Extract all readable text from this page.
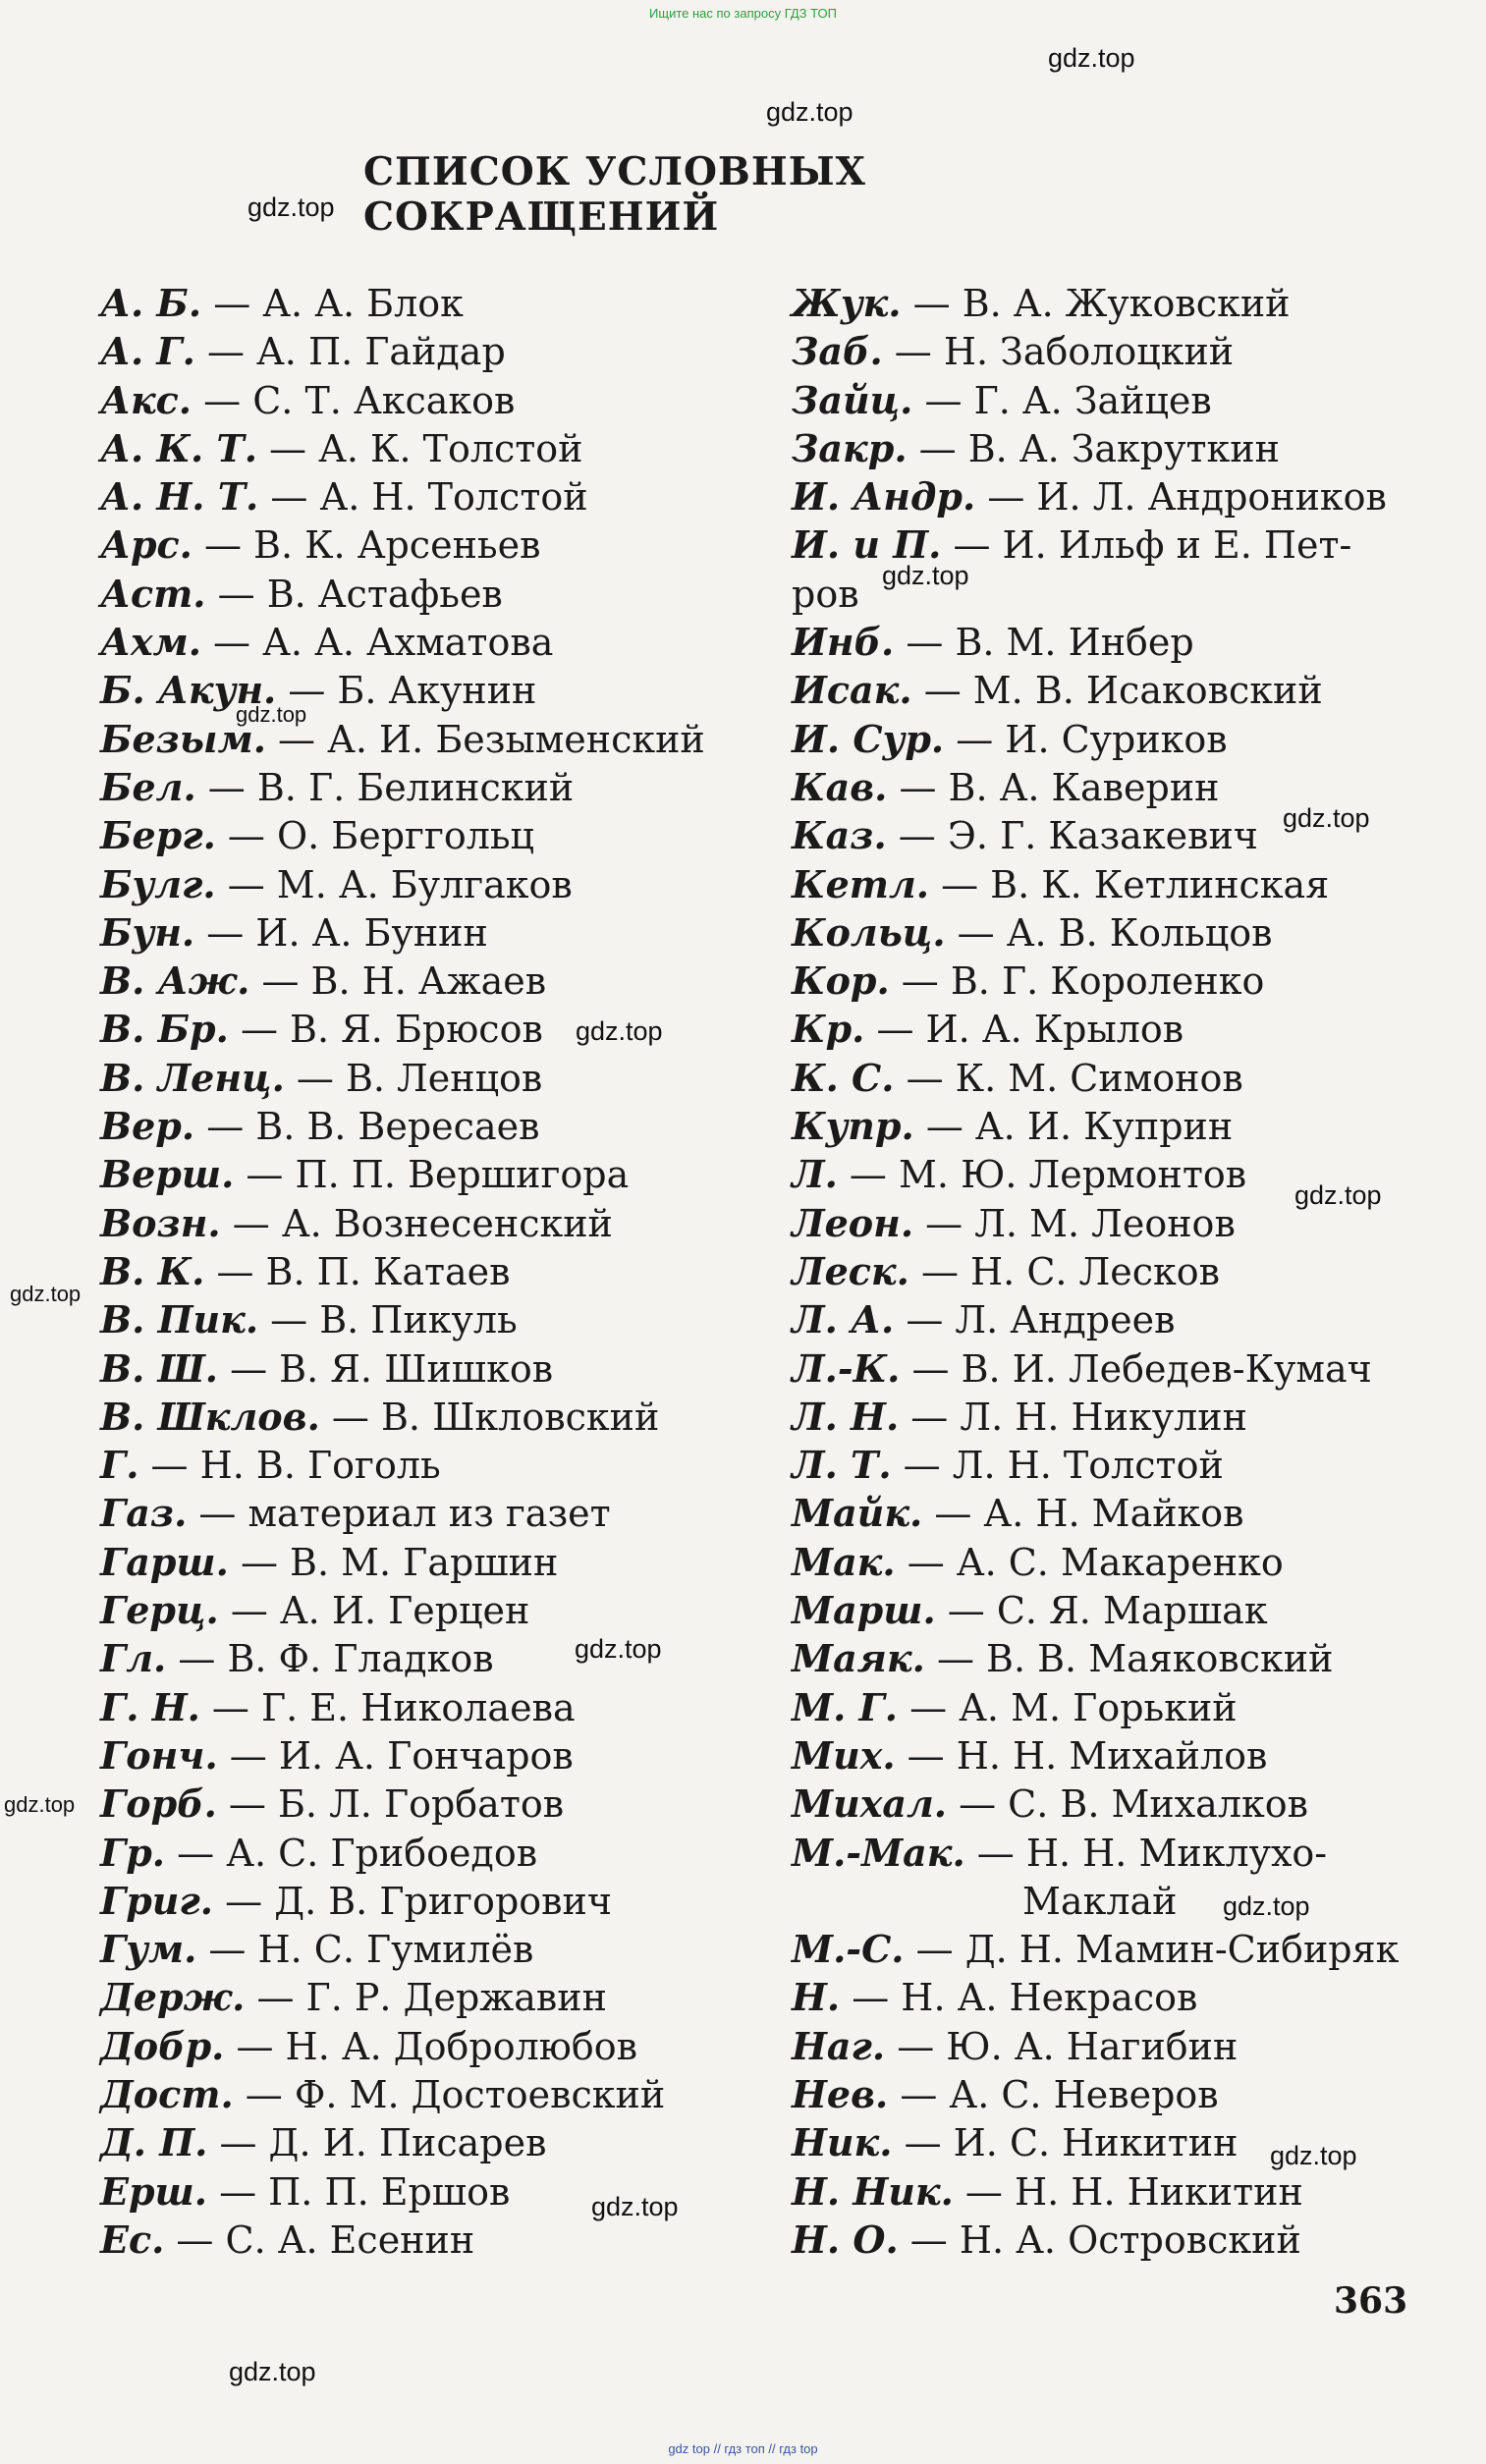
Ищите нас по запросу ГДЗ ТОП
СПИСОК УСЛОВНЫХ СОКРАЩЕНИЙ
А. Б. — А. А. Блок
А. Г. — А. П. Гайдар
Акс. — С. Т. Аксаков
А. К. Т. — А. К. Толстой
А. Н. Т. — А. Н. Толстой
Арс. — В. К. Арсеньев
Аст. — В. Астафьев
Ахм. — А. А. Ахматова
Б. Акун. — Б. Акунин
Безым. — А. И. Безыменский
Бел. — В. Г. Белинский
Берг. — О. Берггольц
Булг. — М. А. Булгаков
Бун. — И. А. Бунин
В. Аж. — В. Н. Ажаев
В. Бр. — В. Я. Брюсов
В. Ленц. — В. Ленцов
Вер. — В. В. Вересаев
Верш. — П. П. Вершигора
Возн. — А. Вознесенский
В. К. — В. П. Катаев
В. Пик. — В. Пикуль
В. Ш. — В. Я. Шишков
В. Шклов. — В. Шкловский
Г. — Н. В. Гоголь
Газ. — материал из газет
Гарш. — В. М. Гаршин
Герц. — А. И. Герцен
Гл. — В. Ф. Гладков
Г. Н. — Г. Е. Николаева
Гонч. — И. А. Гончаров
Горб. — Б. Л. Горбатов
Гр. — А. С. Грибоедов
Григ. — Д. В. Григорович
Гум. — Н. С. Гумилёв
Держ. — Г. Р. Державин
Добр. — Н. А. Добролюбов
Дост. — Ф. М. Достоевский
Д. П. — Д. И. Писарев
Ерш. — П. П. Ершов
Ес. — С. А. Есенин
Жук. — В. А. Жуковский
Заб. — Н. Заболоцкий
Зайц. — Г. А. Зайцев
Закр. — В. А. Закруткин
И. Андр. — И. Л. Андроников
И. и П. — И. Ильф и Е. Пет-
ров
Инб. — В. М. Инбер
Исак. — М. В. Исаковский
И. Сур. — И. Суриков
Кав. — В. А. Каверин
Каз. — Э. Г. Казакевич
Кетл. — В. К. Кетлинская
Кольц. — А. В. Кольцов
Кор. — В. Г. Короленко
Кр. — И. А. Крылов
К. С. — К. М. Симонов
Купр. — А. И. Куприн
Л. — М. Ю. Лермонтов
Леон. — Л. М. Леонов
Леск. — Н. С. Лесков
Л. А. — Л. Андреев
Л.-К. — В. И. Лебедев-Кумач
Л. Н. — Л. Н. Никулин
Л. Т. — Л. Н. Толстой
Майк. — А. Н. Майков
Мак. — А. С. Макаренко
Марш. — С. Я. Маршак
Маяк. — В. В. Маяковский
М. Г. — А. М. Горький
Мих. — Н. Н. Михайлов
Михал. — С. В. Михалков
М.-Мак. — Н. Н. Миклухо-
Маклай
М.-С. — Д. Н. Мамин-Сибиряк
Н. — Н. А. Некрасов
Наг. — Ю. А. Нагибин
Нев. — А. С. Неверов
Ник. — И. С. Никитин
Н. Ник. — Н. Н. Никитин
Н. О. — Н. А. Островский
363
gdz.top
gdz.top
gdz.top
gdz.top
gdz.top
gdz.top
gdz.top
gdz.top
gdz.top
gdz.top
gdz.top
gdz.top
gdz.top
gdz.top
gdz.top
gdz top // гдз топ // гдз top
